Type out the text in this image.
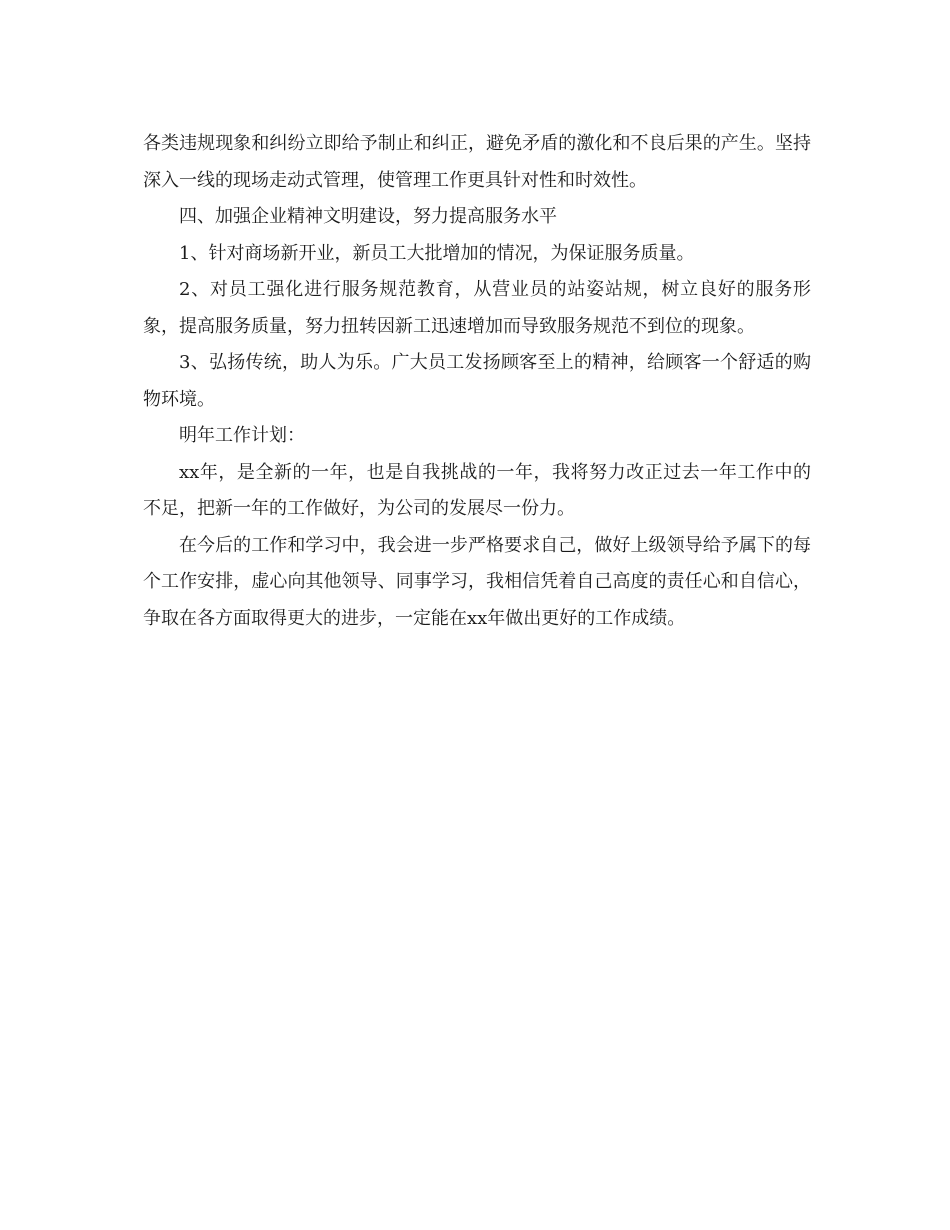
各类违规现象和纠纷立即给予制止和纠正，避免矛盾的激化和不良后果的产生。坚持深入一线的现场走动式管理，使管理工作更具针对性和时效性。

四、加强企业精神文明建设，努力提高服务水平

1、针对商场新开业，新员工大批增加的情况，为保证服务质量。

2、对员工强化进行服务规范教育，从营业员的站姿站规，树立良好的服务形象，提高服务质量，努力扭转因新工迅速增加而导致服务规范不到位的现象。

3、弘扬传统，助人为乐。广大员工发扬顾客至上的精神，给顾客一个舒适的购物环境。

明年工作计划：

xx年，是全新的一年，也是自我挑战的一年，我将努力改正过去一年工作中的不足，把新一年的工作做好，为公司的发展尽一份力。

在今后的工作和学习中，我会进一步严格要求自己，做好上级领导给予属下的每个工作安排，虚心向其他领导、同事学习，我相信凭着自己高度的责任心和自信心，争取在各方面取得更大的进步，一定能在xx年做出更好的工作成绩。
